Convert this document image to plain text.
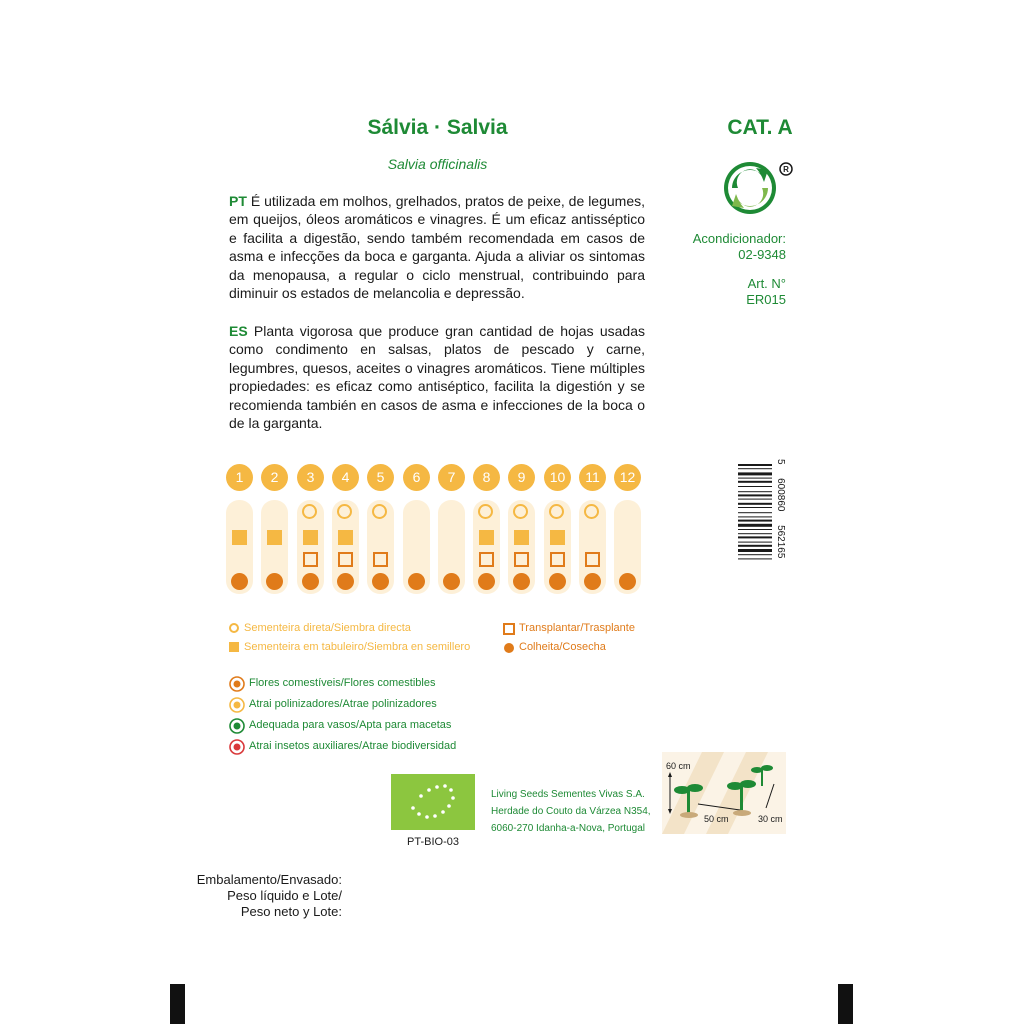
Sálvia · Salvia
Salvia officinalis
PT É utilizada em molhos, grelhados, pratos de peixe, de legumes, em queijos, óleos aromáticos e vinagres. É um eficaz antisséptico e facilita a digestão, sendo também recomendada em casos de asma e infecções da boca e garganta. Ajuda a aliviar os sintomas da menopausa, a regular o ciclo menstrual, contribuindo para diminuir os estados de melancolia e depressão.
ES Planta vigorosa que produce gran cantidad de hojas usadas como condimento en salsas, platos de pescado y carne, legumbres, quesos, aceites o vinagres aromáticos. Tiene múltiples propiedades: es eficaz como antiséptico, facilita la digestión y se recomienda también en casos de asma e infecciones de la boca o de la garganta.
CAT. A
R
Acondicionador:
02-9348
Art. N°
ER015
5  600860  562165
1	2	3	4	5	6	7	8	9	10	11	12
Sementeira direta/Siembra directa
Sementeira em tabuleiro/Siembra en semillero
Transplantar/Trasplante
Colheita/Cosecha
Flores comestíveis/Flores comestibles
Atrai polinizadores/Atrae polinizadores
Adequada para vasos/Apta para macetas
Atrai insetos auxiliares/Atrae biodiversidad
PT-BIO-03
Living Seeds Sementes Vivas S.A.
Herdade do Couto da Várzea N354,
6060-270 Idanha-a-Nova, Portugal
60 cm
50 cm	30 cm
Embalamento/Envasado:
Peso líquido e Lote/
Peso neto y Lote:
